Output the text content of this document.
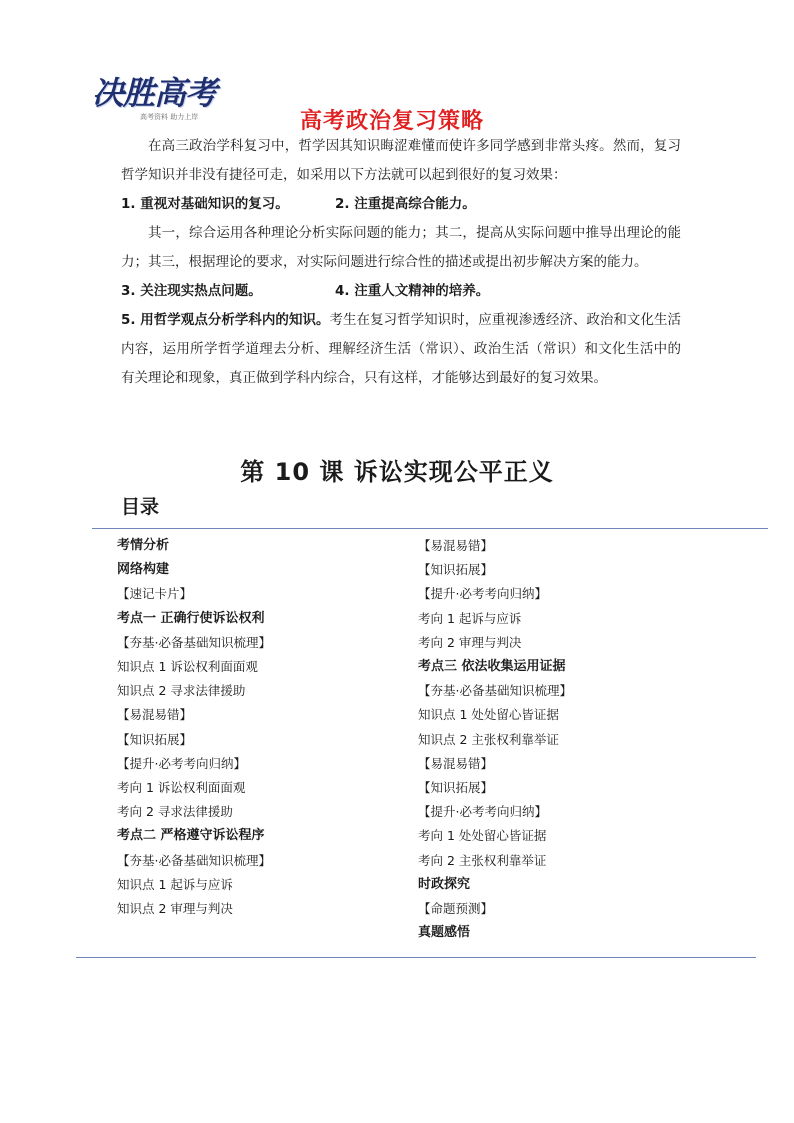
决胜高考
高考资料 助力上岸	高考政治复习策略

在高三政治学科复习中，哲学因其知识晦涩难懂而使许多同学感到非常头疼。然而，复习哲学知识并非没有捷径可走，如采用以下方法就可以起到很好的复习效果：

1. 重视对基础知识的复习。	2. 注重提高综合能力。

其一，综合运用各种理论分析实际问题的能力；其二，提高从实际问题中推导出理论的能力；其三，根据理论的要求，对实际问题进行综合性的描述或提出初步解决方案的能力。

3. 关注现实热点问题。	4. 注重人文精神的培养。

5. 用哲学观点分析学科内的知识。考生在复习哲学知识时，应重视渗透经济、政治和文化生活内容，运用所学哲学道理去分析、理解经济生活（常识）、政治生活（常识）和文化生活中的有关理论和现象，真正做到学科内综合，只有这样，才能够达到最好的复习效果。

第 10 课 诉讼实现公平正义
目录
考情分析
网络构建
【速记卡片】
考点一 正确行使诉讼权利
【夯基·必备基础知识梳理】
知识点 1 诉讼权利面面观
知识点 2 寻求法律援助
【易混易错】
【知识拓展】
【提升·必考考向归纳】
考向 1 诉讼权利面面观
考向 2 寻求法律援助
考点二 严格遵守诉讼程序
【夯基·必备基础知识梳理】
知识点 1 起诉与应诉
知识点 2 审理与判决
【易混易错】
【知识拓展】
【提升·必考考向归纳】
考向 1 起诉与应诉
考向 2 审理与判决
考点三 依法收集运用证据
【夯基·必备基础知识梳理】
知识点 1 处处留心皆证据
知识点 2 主张权利靠举证
【易混易错】
【知识拓展】
【提升·必考考向归纳】
考向 1 处处留心皆证据
考向 2 主张权利靠举证
时政探究
【命题预测】
真题感悟
